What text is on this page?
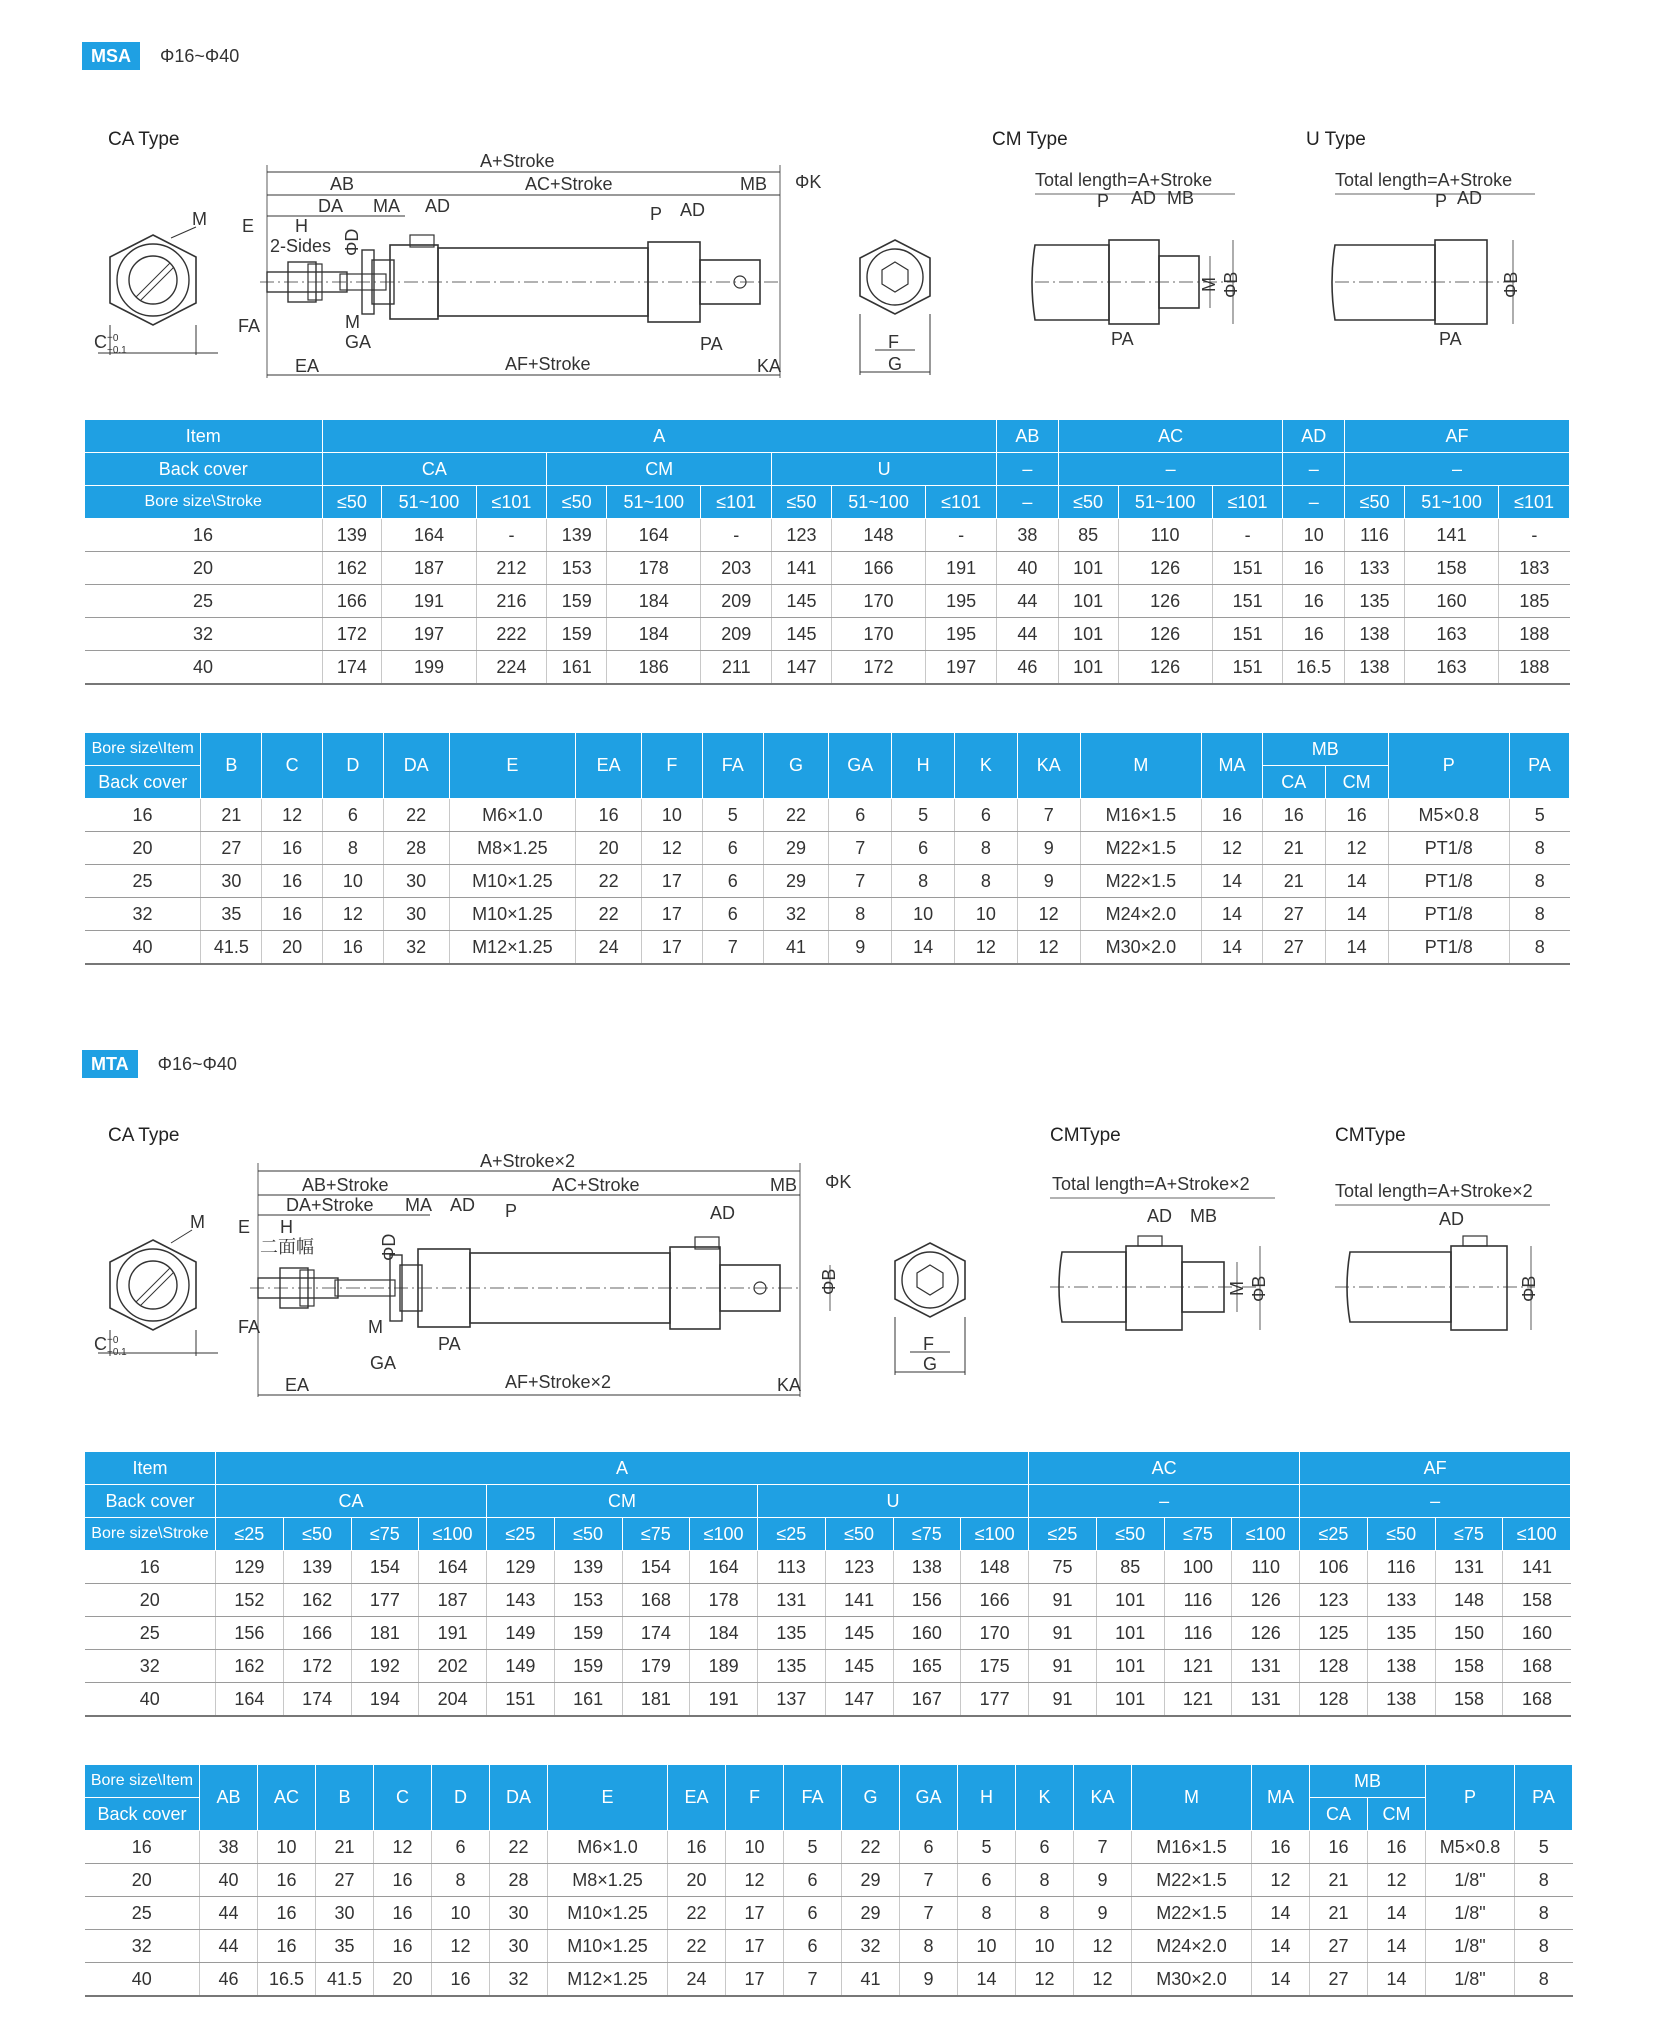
MSA	Φ16~Φ40
CA Type	CM Type	U Type
M
C +0
−0.1
A+Stroke
AB	AC+Stroke	MB ΦK
DA MA AD	P AD
E H
2-Sides ΦD
FA	M
GA	PA
EA	AF+Stroke	KA
F
G
Total length=A+Stroke
P AD MB
M ΦB
PA
Total length=A+Stroke
P AD
ΦB
PA
Item	A									AB	AC			AD	AF		
Back cover	CA			CM			U			–	–			–	–		
Bore size\Stroke	≤50	51~100	≤101	≤50	51~100	≤101	≤50	51~100	≤101	–	≤50	51~100	≤101	–	≤50	51~100	≤101
16	139	164	-	139	164	-	123	148	-	38	85	110	-	10	116	141	-
20	162	187	212	153	178	203	141	166	191	40	101	126	151	16	133	158	183
25	166	191	216	159	184	209	145	170	195	44	101	126	151	16	135	160	185
32	172	197	222	159	184	209	145	170	195	44	101	126	151	16	138	163	188
40	174	199	224	161	186	211	147	172	197	46	101	126	151	16.5	138	163	188
Bore size\Item	B	C	D	DA	E	EA	F	FA	G	GA	H	K	KA	M	MA	MB		P	PA
Back cover																CA	CM		
16	21	12	6	22	M6×1.0	16	10	5	22	6	5	6	7	M16×1.5	16	16	16	M5×0.8	5
20	27	16	8	28	M8×1.25	20	12	6	29	7	6	8	9	M22×1.5	12	21	12	PT1/8	8
25	30	16	10	30	M10×1.25	22	17	6	29	7	8	8	9	M22×1.5	14	21	14	PT1/8	8
32	35	16	12	30	M10×1.25	22	17	6	32	8	10	10	12	M24×2.0	14	27	14	PT1/8	8
40	41.5	20	16	32	M12×1.25	24	17	7	41	9	14	12	12	M30×2.0	14	27	14	PT1/8	8
MTA	Φ16~Φ40
CA Type	CMType	CMType
M
C +0
−0.1
A+Stroke×2
AB+Stroke	AC+Stroke	MB ΦK
DA+Stroke MA AD P	AD
E H
二面幅	ΦD
ΦB
FA	M
PA
GA
EA	AF+Stroke×2	KA
F
G
Total length=A+Stroke×2
AD MB
M ΦB
Total length=A+Stroke×2
AD
ΦB
Item	A												AC				AF			
Back cover	CA				CM				U				–				–			
Bore size\Stroke	≤25	≤50	≤75	≤100	≤25	≤50	≤75	≤100	≤25	≤50	≤75	≤100	≤25	≤50	≤75	≤100	≤25	≤50	≤75	≤100
16	129	139	154	164	129	139	154	164	113	123	138	148	75	85	100	110	106	116	131	141
20	152	162	177	187	143	153	168	178	131	141	156	166	91	101	116	126	123	133	148	158
25	156	166	181	191	149	159	174	184	135	145	160	170	91	101	116	126	125	135	150	160
32	162	172	192	202	149	159	179	189	135	145	165	175	91	101	121	131	128	138	158	168
40	164	174	194	204	151	161	181	191	137	147	167	177	91	101	121	131	128	138	158	168
Bore size\Item	AB	AC	B	C	D	DA	E	EA	F	FA	G	GA	H	K	KA	M	MA	MB		P	PA
Back cover																		CA	CM		
16	38	10	21	12	6	22	M6×1.0	16	10	5	22	6	5	6	7	M16×1.5	16	16	16	M5×0.8	5
20	40	16	27	16	8	28	M8×1.25	20	12	6	29	7	6	8	9	M22×1.5	12	21	12	1/8"	8
25	44	16	30	16	10	30	M10×1.25	22	17	6	29	7	8	8	9	M22×1.5	14	21	14	1/8"	8
32	44	16	35	16	12	30	M10×1.25	22	17	6	32	8	10	10	12	M24×2.0	14	27	14	1/8"	8
40	46	16.5	41.5	20	16	32	M12×1.25	24	17	7	41	9	14	12	12	M30×2.0	14	27	14	1/8"	8
